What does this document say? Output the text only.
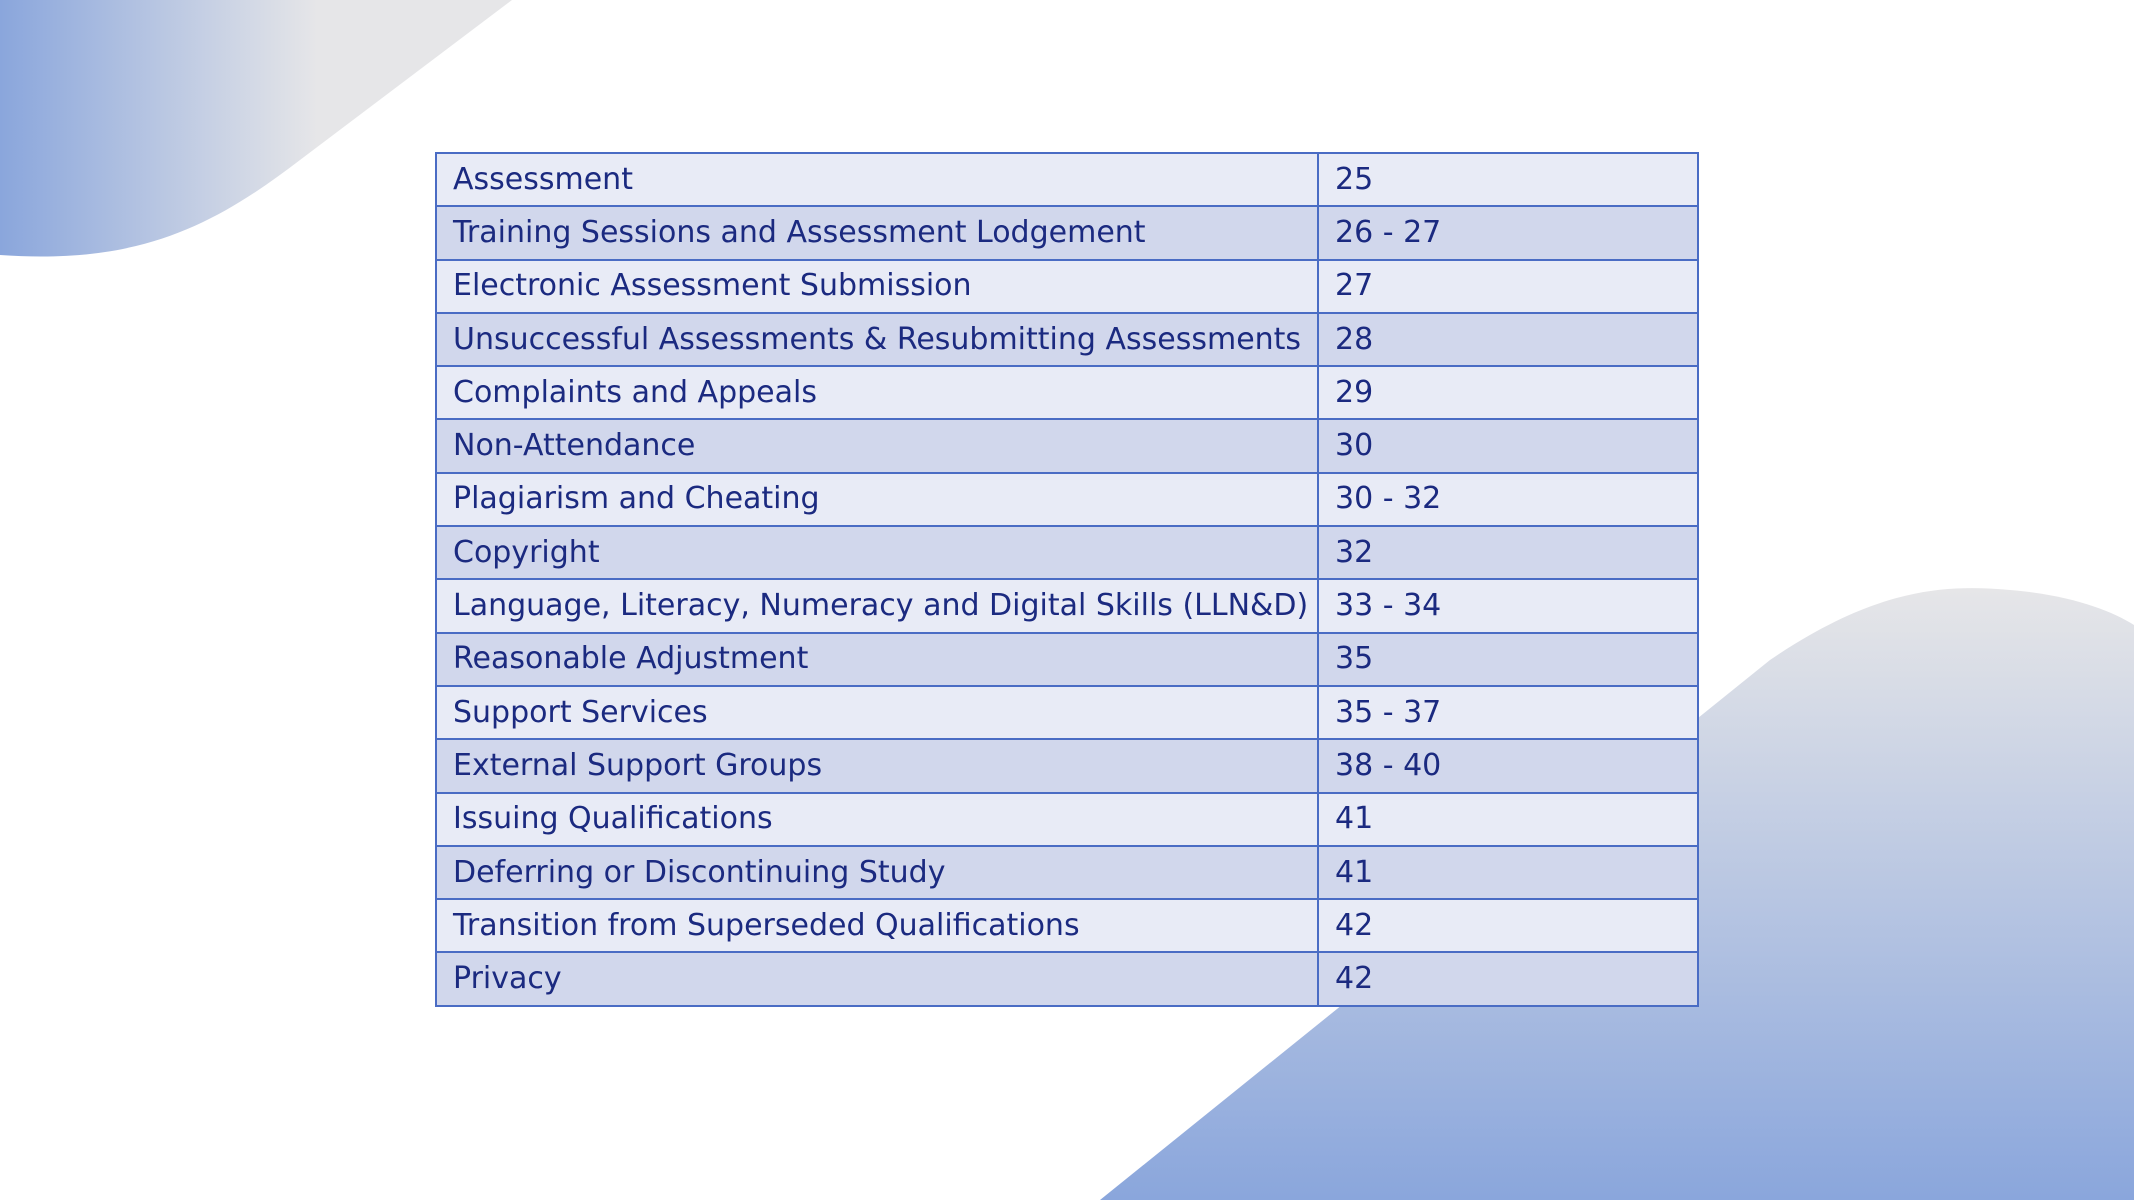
Assessment	25
Training Sessions and Assessment Lodgement	26 - 27
Electronic Assessment Submission	27
Unsuccessful Assessments & Resubmitting Assessments	28
Complaints and Appeals	29
Non-Attendance	30
Plagiarism and Cheating	30 - 32
Copyright	32
Language, Literacy, Numeracy and Digital Skills (LLN&D)	33 - 34
Reasonable Adjustment	35
Support Services	35 - 37
External Support Groups	38 - 40
Issuing Qualifications	41
Deferring or Discontinuing Study	41
Transition from Superseded Qualifications	42
Privacy	42
